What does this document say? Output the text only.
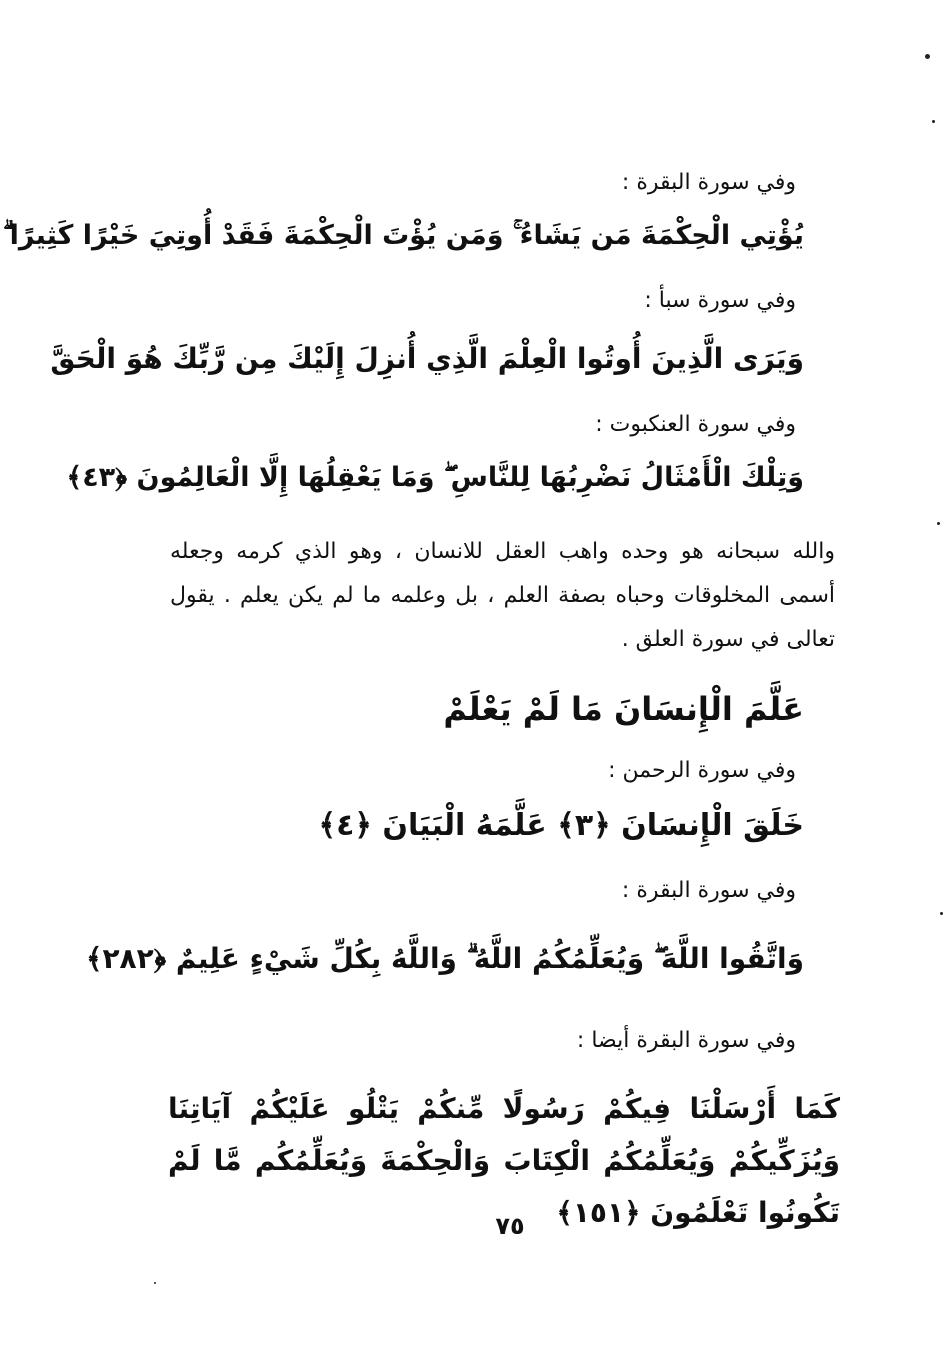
وفي سورة البقرة :
يُؤْتِي الْحِكْمَةَ مَن يَشَاءُ ۚ وَمَن يُؤْتَ الْحِكْمَةَ فَقَدْ أُوتِيَ خَيْرًا كَثِيرًا ۗ
وفي سورة سبأ :
وَيَرَى الَّذِينَ أُوتُوا الْعِلْمَ الَّذِي أُنزِلَ إِلَيْكَ مِن رَّبِّكَ هُوَ الْحَقَّ
وفي سورة العنكبوت :
وَتِلْكَ الْأَمْثَالُ نَضْرِبُهَا لِلنَّاسِ ۖ وَمَا يَعْقِلُهَا إِلَّا الْعَالِمُونَ ﴿٤٣﴾
والله سبحانه هو وحده واهب العقل للانسان ، وهو الذي كرمه وجعله أسمى المخلوقات وحباه بصفة العلم ، بل وعلمه ما لم يكن يعلم . يقول تعالى في سورة العلق .
عَلَّمَ الْإِنسَانَ مَا لَمْ يَعْلَمْ
وفي سورة الرحمن :
خَلَقَ الْإِنسَانَ ﴿٣﴾ عَلَّمَهُ الْبَيَانَ ﴿٤﴾
وفي سورة البقرة :
وَاتَّقُوا اللَّهَ ۖ وَيُعَلِّمُكُمُ اللَّهُ ۗ وَاللَّهُ بِكُلِّ شَيْءٍ عَلِيمٌ ﴿٢٨٢﴾
وفي سورة البقرة أيضا :
كَمَا أَرْسَلْنَا فِيكُمْ رَسُولًا مِّنكُمْ يَتْلُو عَلَيْكُمْ آيَاتِنَا وَيُزَكِّيكُمْ وَيُعَلِّمُكُمُ الْكِتَابَ وَالْحِكْمَةَ وَيُعَلِّمُكُم مَّا لَمْ تَكُونُوا تَعْلَمُونَ ﴿١٥١﴾
٧٥
